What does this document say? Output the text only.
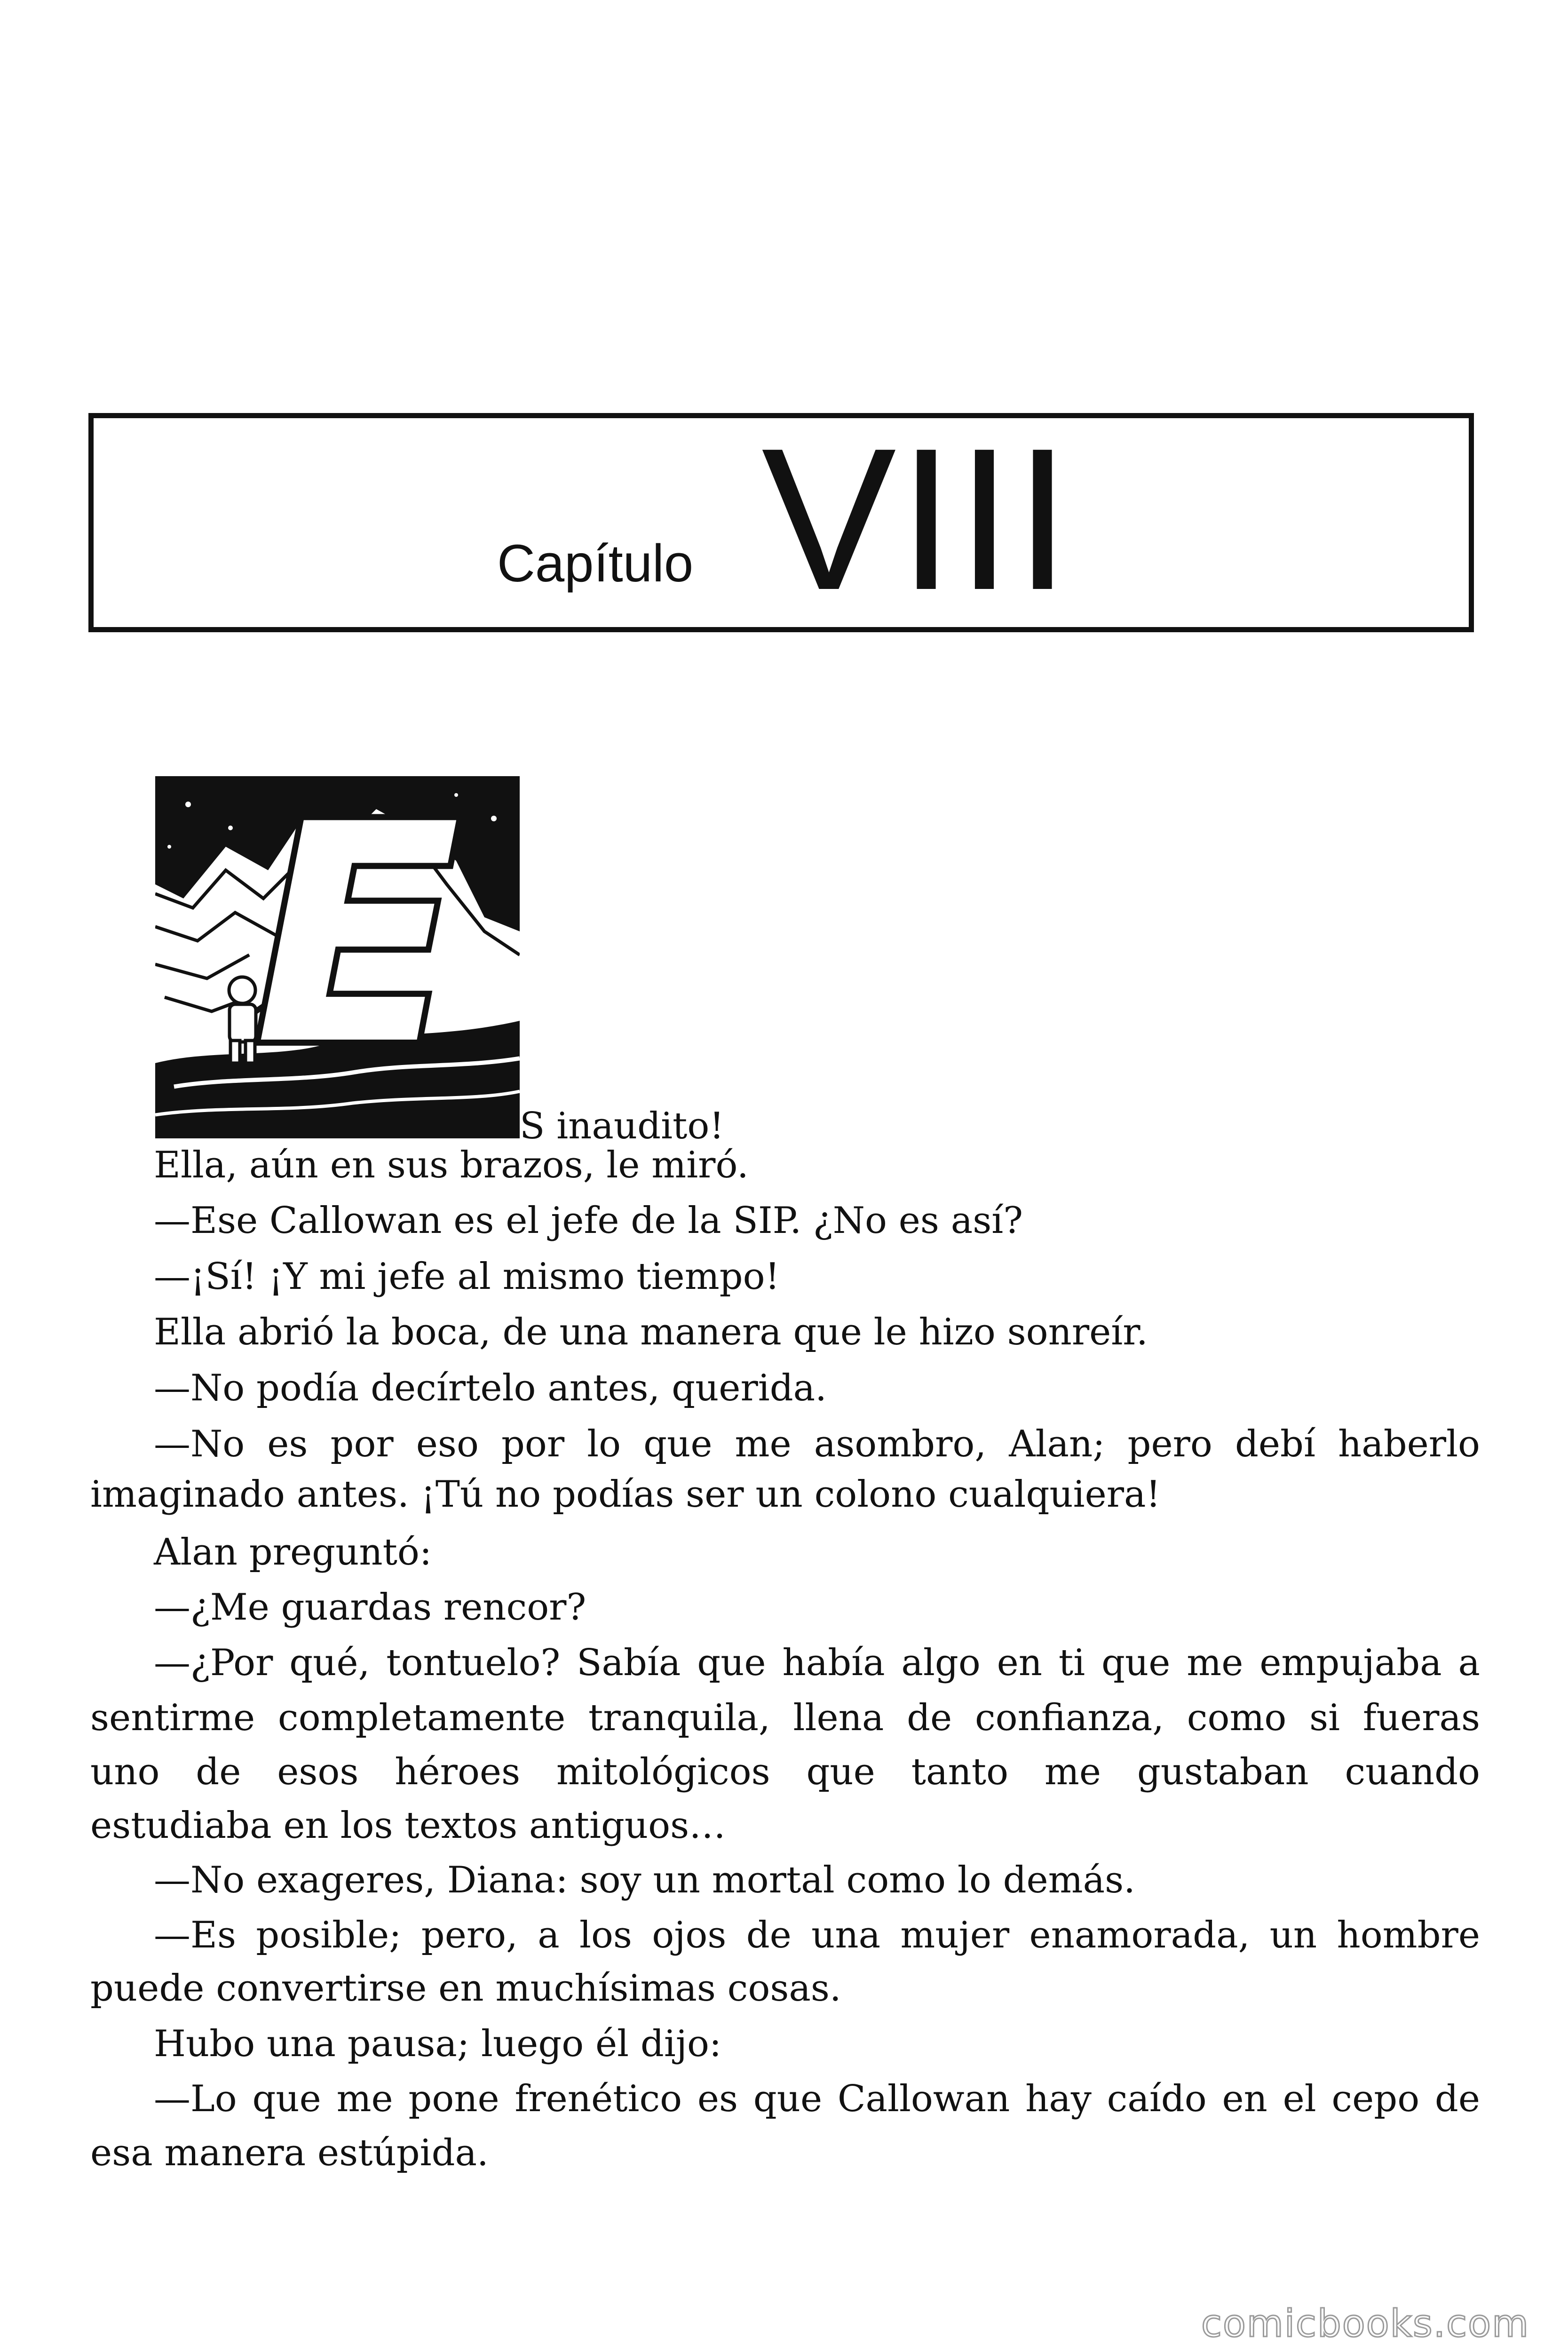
Capítulo VIII
E
S inaudito!
Ella, aún en sus brazos, le miró.
—Ese Callowan es el jefe de la SIP. ¿No es así?
—¡Sí! ¡Y mi jefe al mismo tiempo!
Ella abrió la boca, de una manera que le hizo sonreír.
—No podía decírtelo antes, querida.
—No es por eso por lo que me asombro, Alan; pero debí haberlo
imaginado antes. ¡Tú no podías ser un colono cualquiera!
Alan preguntó:
—¿Me guardas rencor?
—¿Por qué, tontuelo? Sabía que había algo en ti que me empujaba a
sentirme completamente tranquila, llena de confianza, como si fueras
uno de esos héroes mitológicos que tanto me gustaban cuando
estudiaba en los textos antiguos…
—No exageres, Diana: soy un mortal como lo demás.
—Es posible; pero, a los ojos de una mujer enamorada, un hombre
puede convertirse en muchísimas cosas.
Hubo una pausa; luego él dijo:
—Lo que me pone frenético es que Callowan hay caído en el cepo de
esa manera estúpida.
comicbooks.com
